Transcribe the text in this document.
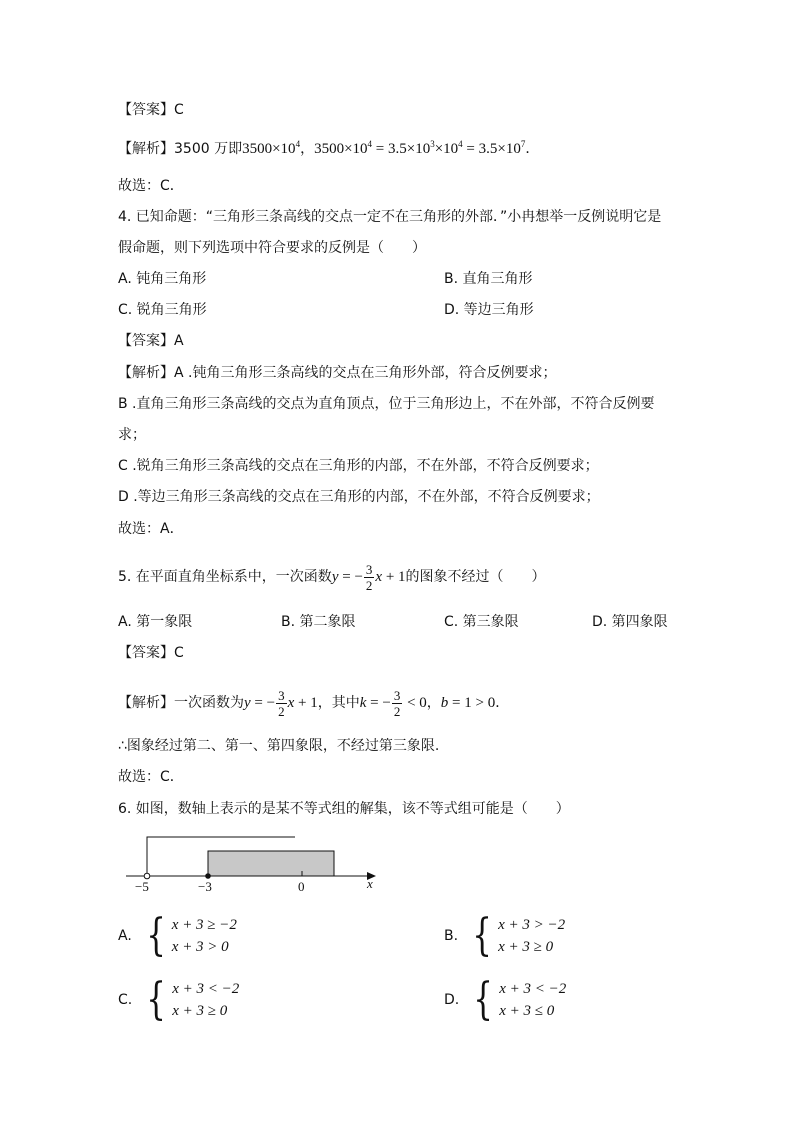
【答案】C
【解析】3500 万即$3500\times 10^4$，$3500\times 10^4 = 3.5\times 10^3\times 10^4 = 3.5\times 10^7$．
故选：C．
4. 已知命题：“三角形三条高线的交点一定不在三角形的外部．”小冉想举一反例说明它是
假命题，则下列选项中符合要求的反例是（　　）
A. 钝角三角形	B. 直角三角形
C. 锐角三角形	D. 等边三角形
【答案】A
【解析】A .钝角三角形三条高线的交点在三角形外部，符合反例要求；
B .直角三角形三条高线的交点为直角顶点，位于三角形边上，不在外部，不符合反例要
求；
C .锐角三角形三条高线的交点在三角形的内部，不在外部，不符合反例要求；
D .等边三角形三条高线的交点在三角形的内部，不在外部，不符合反例要求；
故选：A．
5. 在平面直角坐标系中，一次函数y = − $\frac{3}{2}$ x + 1的图象不经过（　　）
A. 第一象限	B. 第二象限	C. 第三象限	D. 第四象限
【答案】C
【解析】一次函数为y = − $\frac{3}{2}$ x + 1，其中k = − $\frac{3}{2} < 0$，b = 1 > 0．
∴图象经过第二、第一、第四象限，不经过第三象限.
故选：C．
6. 如图，数轴上表示的是某不等式组的解集，该不等式组可能是（　　）
−5	−3	0	x
A. { x + 3 ≥ −2
x + 3 > 0
B. { x + 3 > −2
x + 3 ≥ 0
C. { x + 3 < −2
x + 3 ≥ 0
D. { x + 3 < −2
x + 3 ≤ 0
